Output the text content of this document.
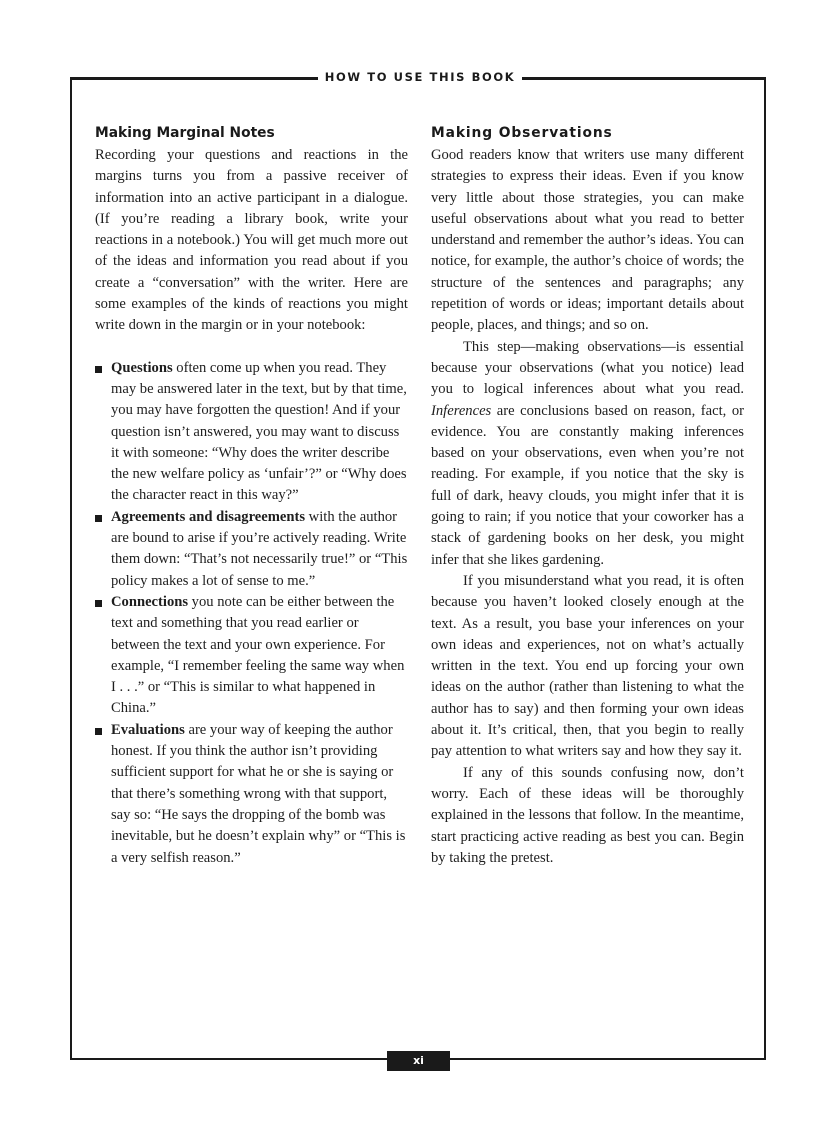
HOW TO USE THIS BOOK
Making Marginal Notes

Recording your questions and reactions in the margins turns you from a passive receiver of information into an active participant in a dialogue. (If you’re reading a library book, write your reactions in a notebook.) You will get much more out of the ideas and information you read about if you create a “conversation” with the writer. Here are some examples of the kinds of reactions you might write down in the margin or in your notebook:

Questions often come up when you read. They may be answered later in the text, but by that time, you may have forgotten the question! And if your question isn’t answered, you may want to discuss it with someone: “Why does the writer describe the new welfare policy as ‘unfair’?” or “Why does the character react in this way?”
Agreements and disagreements with the author are bound to arise if you’re actively reading. Write them down: “That’s not necessarily true!” or “This policy makes a lot of sense to me.”
Connections you note can be either between the text and something that you read earlier or between the text and your own experience. For example, “I remember feeling the same way when I . . .” or “This is similar to what happened in China.”
Evaluations are your way of keeping the author honest. If you think the author isn’t providing sufficient support for what he or she is saying or that there’s something wrong with that support, say so: “He says the dropping of the bomb was inevitable, but he doesn’t explain why” or “This is a very selfish reason.”
Making Observations

Good readers know that writers use many different strategies to express their ideas. Even if you know very little about those strategies, you can make useful observations about what you read to better understand and remember the author’s ideas. You can notice, for example, the author’s choice of words; the structure of the sentences and paragraphs; any repetition of words or ideas; important details about people, places, and things; and so on.

This step—making observations—is essential because your observations (what you notice) lead you to logical inferences about what you read. Inferences are conclusions based on reason, fact, or evidence. You are constantly making inferences based on your observations, even when you’re not reading. For example, if you notice that the sky is full of dark, heavy clouds, you might infer that it is going to rain; if you notice that your coworker has a stack of gardening books on her desk, you might infer that she likes gardening.

If you misunderstand what you read, it is often because you haven’t looked closely enough at the text. As a result, you base your inferences on your own ideas and experiences, not on what’s actually written in the text. You end up forcing your own ideas on the author (rather than listening to what the author has to say) and then forming your own ideas about it. It’s critical, then, that you begin to really pay attention to what writers say and how they say it.

If any of this sounds confusing now, don’t worry. Each of these ideas will be thoroughly explained in the lessons that follow. In the meantime, start practicing active reading as best you can. Begin by taking the pretest.

xi
